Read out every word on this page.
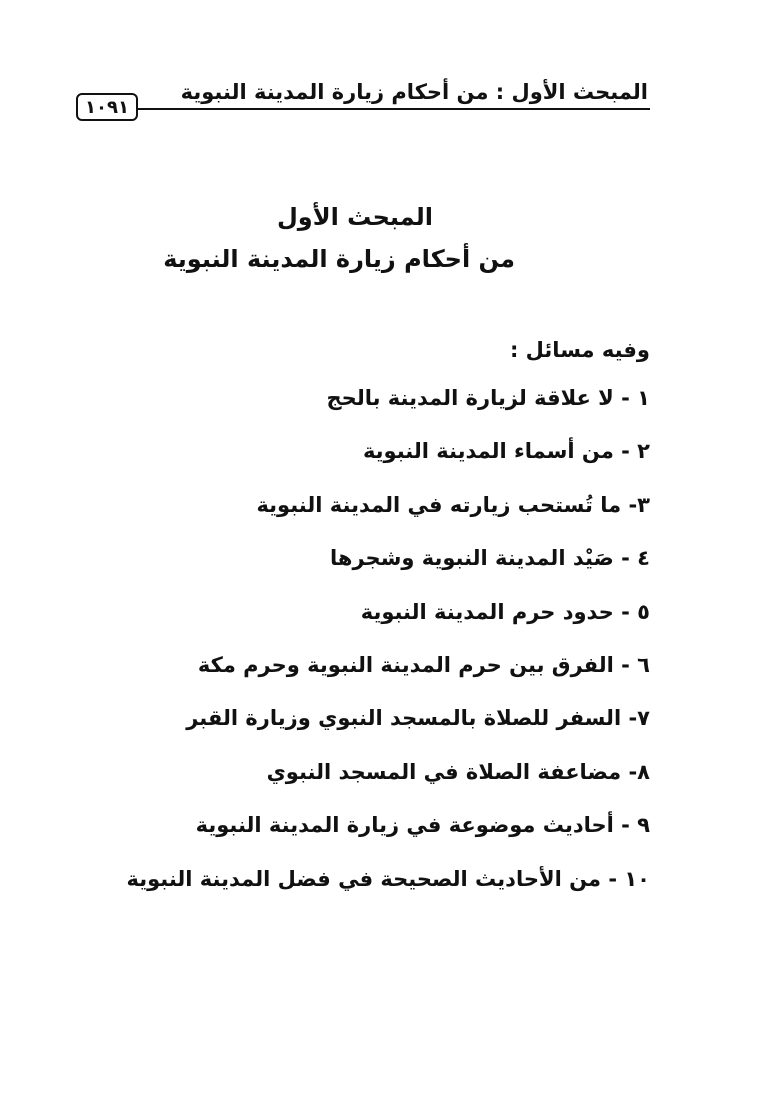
المبحث الأول : من أحكام زيارة المدينة النبوية
١٠٩١
المبحث الأول
من أحكام زيارة المدينة النبوية
وفيه مسائل :
١ - لا علاقة لزيارة المدينة بالحج
٢ - من أسماء المدينة النبوية
٣- ما تُستحب زيارته في المدينة النبوية
٤ - صَيْد المدينة النبوية وشجرها
٥ - حدود حرم المدينة النبوية
٦ - الفرق بين حرم المدينة النبوية وحرم مكة
٧- السفر للصلاة بالمسجد النبوي وزيارة القبر
٨- مضاعفة الصلاة في المسجد النبوي
٩ - أحاديث موضوعة في زيارة المدينة النبوية
١٠ - من الأحاديث الصحيحة في فضل المدينة النبوية
